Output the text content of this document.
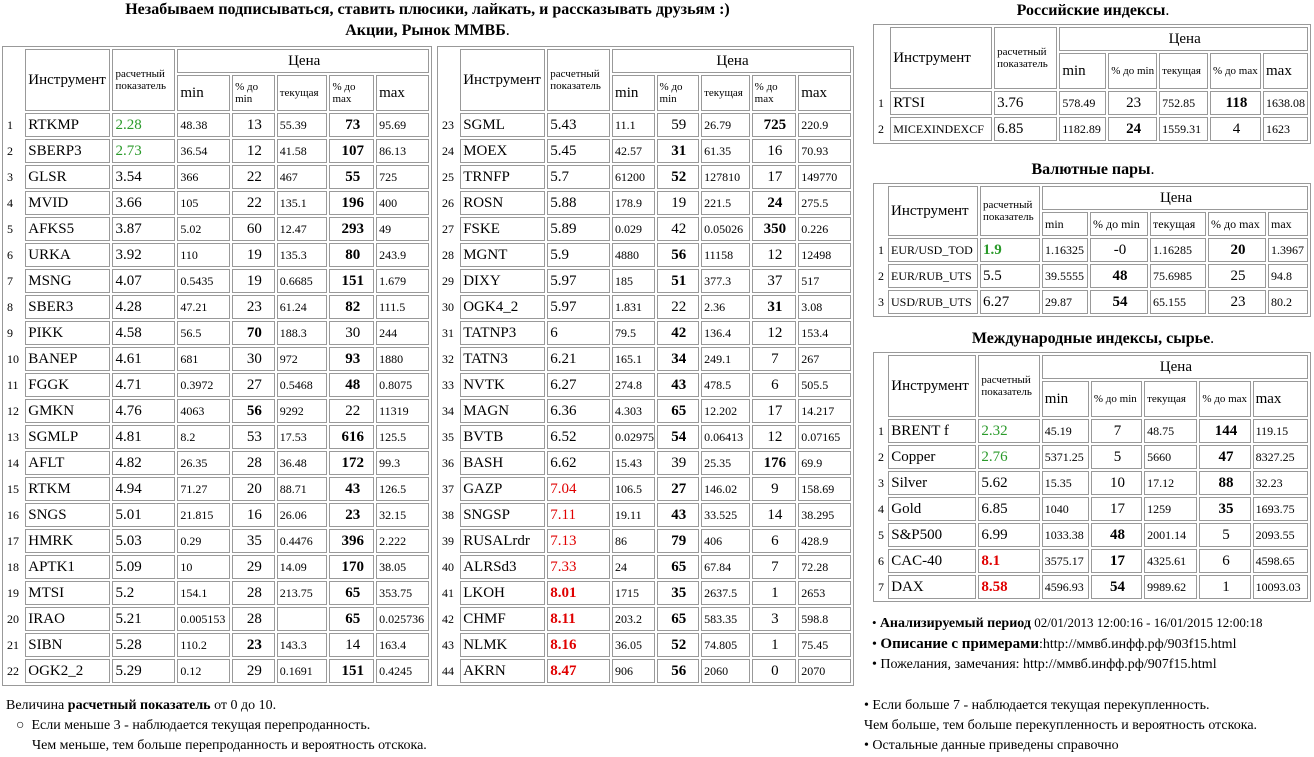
Незабываем подписываться, ставить плюсики, лайкать, и рассказывать друзьям :)
Акции, Рынок ММВБ.
	Инструмент	расчетный показатель	Цена				
			min	% до min	текущая	% до max	max
1	RTKMP	2.28	48.38	13	55.39	73	95.69
2	SBERP3	2.73	36.54	12	41.58	107	86.13
3	GLSR	3.54	366	22	467	55	725
4	MVID	3.66	105	22	135.1	196	400
5	AFKS5	3.87	5.02	60	12.47	293	49
6	URKA	3.92	110	19	135.3	80	243.9
7	MSNG	4.07	0.5435	19	0.6685	151	1.679
8	SBER3	4.28	47.21	23	61.24	82	111.5
9	PIKK	4.58	56.5	70	188.3	30	244
10	BANEP	4.61	681	30	972	93	1880
11	FGGK	4.71	0.3972	27	0.5468	48	0.8075
12	GMKN	4.76	4063	56	9292	22	11319
13	SGMLP	4.81	8.2	53	17.53	616	125.5
14	AFLT	4.82	26.35	28	36.48	172	99.3
15	RTKM	4.94	71.27	20	88.71	43	126.5
16	SNGS	5.01	21.815	16	26.06	23	32.15
17	HMRK	5.03	0.29	35	0.4476	396	2.222
18	APTK1	5.09	10	29	14.09	170	38.05
19	MTSI	5.2	154.1	28	213.75	65	353.75
20	IRAO	5.21	0.005153	28		65	0.025736
21	SIBN	5.28	110.2	23	143.3	14	163.4
22	OGK2_2	5.29	0.12	29	0.1691	151	0.4245
	Инструмент	расчетный показатель	Цена				
			min	% до min	текущая	% до max	max
23	SGML	5.43	11.1	59	26.79	725	220.9
24	MOEX	5.45	42.57	31	61.35	16	70.93
25	TRNFP	5.7	61200	52	127810	17	149770
26	ROSN	5.88	178.9	19	221.5	24	275.5
27	FSKE	5.89	0.029	42	0.05026	350	0.226
28	MGNT	5.9	4880	56	11158	12	12498
29	DIXY	5.97	185	51	377.3	37	517
30	OGK4_2	5.97	1.831	22	2.36	31	3.08
31	TATNP3	6	79.5	42	136.4	12	153.4
32	TATN3	6.21	165.1	34	249.1	7	267
33	NVTK	6.27	274.8	43	478.5	6	505.5
34	MAGN	6.36	4.303	65	12.202	17	14.217
35	BVTB	6.52	0.02975	54	0.06413	12	0.07165
36	BASH	6.62	15.43	39	25.35	176	69.9
37	GAZP	7.04	106.5	27	146.02	9	158.69
38	SNGSP	7.11	19.11	43	33.525	14	38.295
39	RUSALrdr	7.13	86	79	406	6	428.9
40	ALRSd3	7.33	24	65	67.84	7	72.28
41	LKOH	8.01	1715	35	2637.5	1	2653
42	CHMF	8.11	203.2	65	583.35	3	598.8
43	NLMK	8.16	36.05	52	74.805	1	75.45
44	AKRN	8.47	906	56	2060	0	2070
Российские индексы.
	Инструмент	расчетный показатель	Цена				
			min	% до min	текущая	% до max	max
1	RTSI	3.76	578.49	23	752.85	118	1638.08
2	MICEXINDEXCF	6.85	1182.89	24	1559.31	4	1623
Валютные пары.
	Инструмент	расчетный показатель	Цена				
			min	% до min	текущая	% до max	max
1	EUR/USD_TOD	1.9	1.16325	-0	1.16285	20	1.3967
2	EUR/RUB_UTS	5.5	39.5555	48	75.6985	25	94.8
3	USD/RUB_UTS	6.27	29.87	54	65.155	23	80.2
Международные индексы, сырье.
	Инструмент	расчетный показатель	Цена				
			min	% до min	текущая	% до max	max
1	BRENT f	2.32	45.19	7	48.75	144	119.15
2	Copper	2.76	5371.25	5	5660	47	8327.25
3	Silver	5.62	15.35	10	17.12	88	32.23
4	Gold	6.85	1040	17	1259	35	1693.75
5	S&P500	6.99	1033.38	48	2001.14	5	2093.55
6	CAC-40	8.1	3575.17	17	4325.61	6	4598.65
7	DAX	8.58	4596.93	54	9989.62	1	10093.03
• Анализируемый период 02/01/2013 12:00:16 - 16/01/2015 12:00:18
• Описание с примерами:http://ммвб.инфф.рф/903f15.html
• Пожелания, замечания: http://ммвб.инфф.рф/907f15.html
Величина расчетный показатель от 0 до 10.
○  Если меньше 3 - наблюдается текущая перепроданность.
Чем меньше, тем больше перепроданность и вероятность отскока.
• Если больше 7 - наблюдается текущая перекупленность.
Чем больше, тем больше перекупленность и вероятность отскока.
• Остальные данные приведены справочно
